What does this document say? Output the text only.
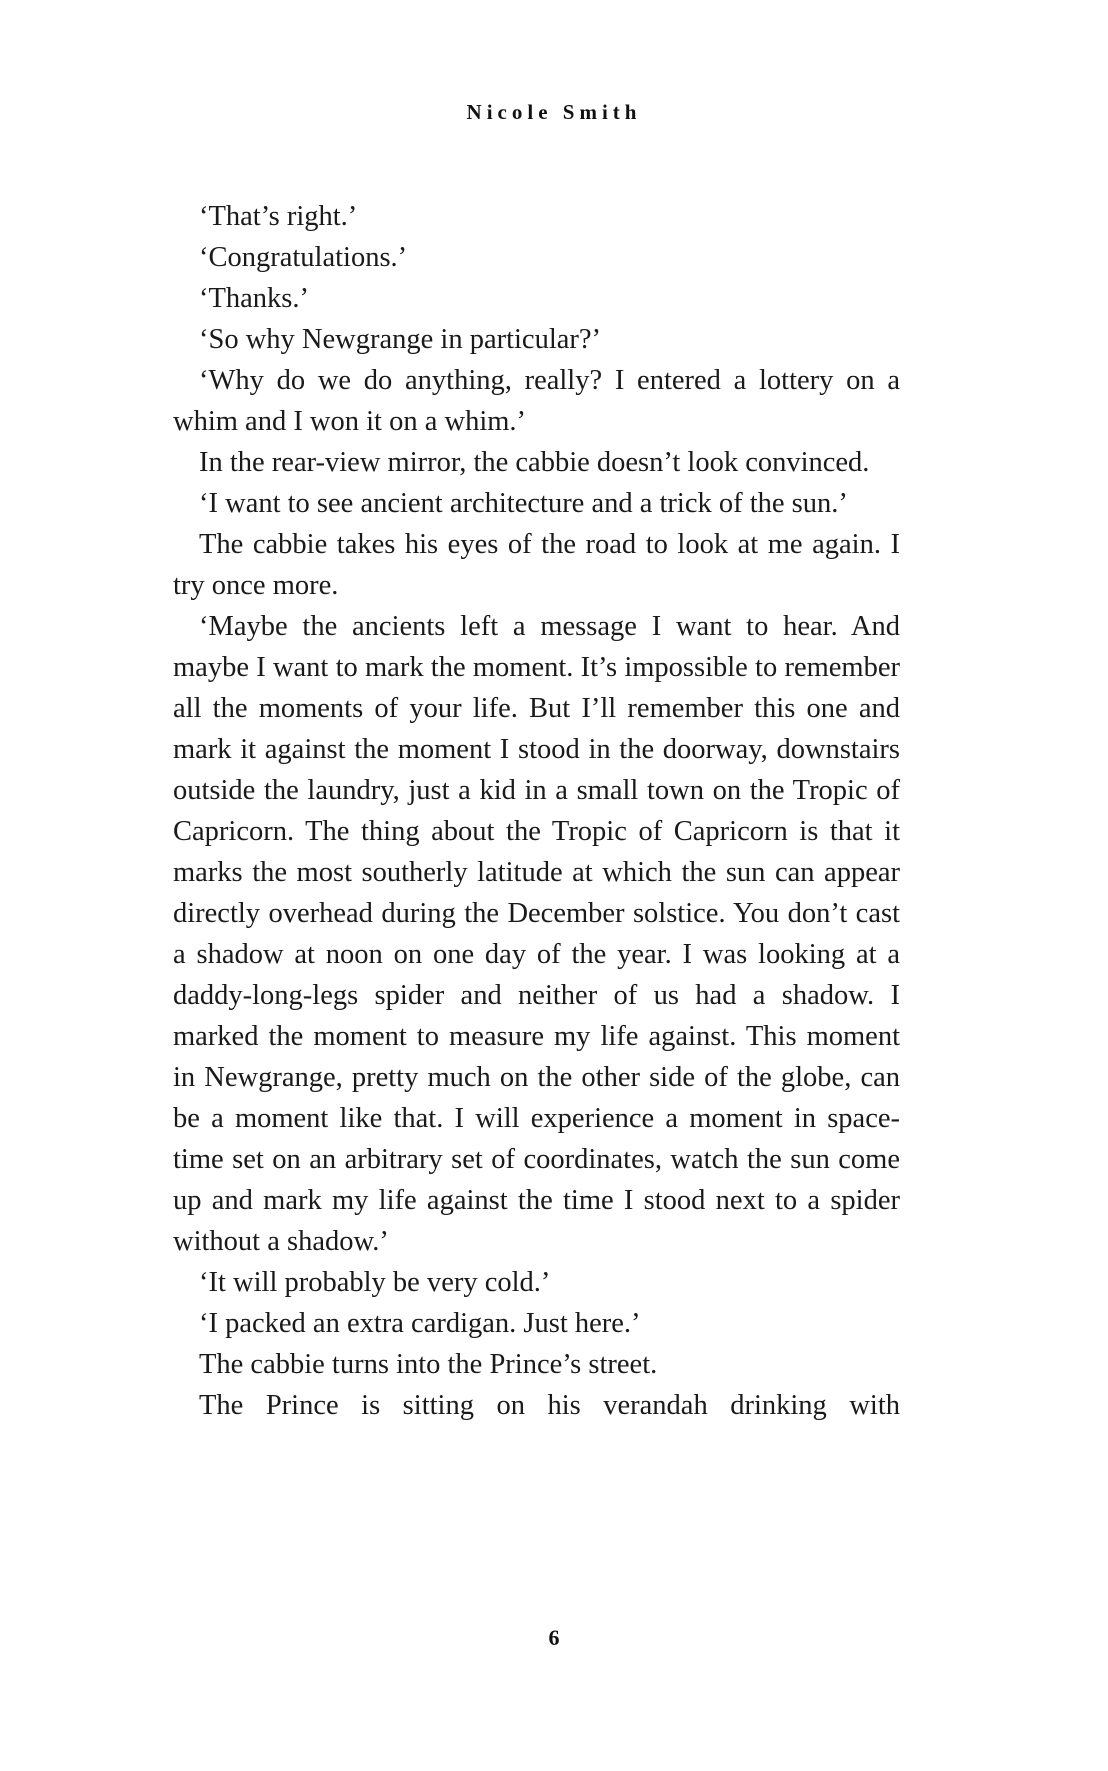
Nicole Smith

‘That’s right.’

‘Congratulations.’

‘Thanks.’

‘So why Newgrange in particular?’

‘Why do we do anything, really? I entered a lottery on a whim and I won it on a whim.’

In the rear-view mirror, the cabbie doesn’t look convinced.

‘I want to see ancient architecture and a trick of the sun.’

The cabbie takes his eyes of the road to look at me again. I try once more.

‘Maybe the ancients left a message I want to hear. And maybe I want to mark the moment. It’s impossible to remember all the moments of your life. But I’ll remember this one and mark it against the moment I stood in the doorway, downstairs outside the laundry, just a kid in a small town on the Tropic of Capricorn. The thing about the Tropic of Capricorn is that it marks the most southerly latitude at which the sun can appear directly overhead during the December solstice. You don’t cast a shadow at noon on one day of the year. I was looking at a daddy-long-legs spider and neither of us had a shadow. I marked the moment to measure my life against. This moment in Newgrange, pretty much on the other side of the globe, can be a moment like that. I will experience a moment in space-time set on an arbitrary set of coordinates, watch the sun come up and mark my life against the time I stood next to a spider without a shadow.’

‘It will probably be very cold.’

‘I packed an extra cardigan. Just here.’

The cabbie turns into the Prince’s street.

The Prince is sitting on his verandah drinking with

6
